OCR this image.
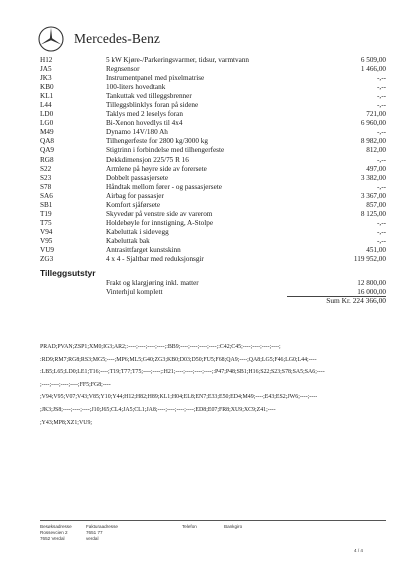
Mercedes-Benz
H12	5 kW Kjøre-/Parkeringsvarmer, tidsur, varmtvann	6 509,00
JA5	Regnsensor	1 466,00
JK3	Instrumentpanel med pixelmatrise	-,--
KB0	100-liters hovedtank	-,--
KL1	Tankuttak ved tilleggsbrenner	-,--
L44	Tilleggsblinklys foran på sidene	-,--
LD0	Taklys med 2 leselys foran	721,00
LG0	Bi-Xenon hovedlys til 4x4	6 960,00
M49	Dynamo 14V/180 Ah	-,--
QA8	Tilhengerfeste for 2800 kg/3000 kg	8 982,00
QA9	Stigtrinn i forbindelse med tilhengerfeste	812,00
RG8	Dekkdimensjon 225/75 R 16	-,--
S22	Armlene på høyre side av forersete	497,00
S23	Dobbelt passasjersete	3 382,00
S78	Håndtak mellom fører - og passasjersete	-,--
SA6	Airbag for passasjer	3 367,00
SB1	Komfort sjåførsete	857,00
T19	Skyvedør på venstre side av varerom	8 125,00
T75	Holdebøyle for innstigning, A-Stolpe	-,--
V94	Kabeluttak i sidevegg	-,--
V95	Kabeluttak bak	-,--
VU9	Antrasittfarget kunstskinn	451,00
ZG3	4 x 4 - Sjaltbar med reduksjonsgir	119 952,00
Tilleggsutstyr
Frakt og klargjøring inkl. matter	12 800,00
Vinterhjul komplett	16 000,00
Sum Kr. 224 366,00
PRAD;PVAN;ZSP1;XM0;IG3;AR2;:----;----;----;----;:BB9;----;----;----;----;:C42;C45;----;----;----;----;
:RD9;RM7;RG8;RS3;MG5;----;MP6;ML5;G40;ZG3;KB0;D03;D50;FU5;F68;QA9;----;QA8;LG5;F46;LG0;L44;----
:LB5;L65;LD0;LE1;T16;----;T19;T77;T75;----;----;:H21;----;----;----;----;:P47;P48;SB1;H16;S22;S23;S78;SA5;SA6;----
;----;----;----;----;FF5;FG8;----
;V94;V95;V07;V43;V85;Y10;Y44;H12;H82;H89;KL1;H04;EL8;EN7;E33;E50;ED4;M49;----;E43;ES2;JW6;----;----
;JK3;JS8;----;----;----;J10;J65;CL4;JA5;CL1;JA8;----;----;----;----;ED8;E07;FR8;XU9;XC9;Z41;----
;Y43;MP8;XZ1;VU9;
Besøksadresse
Rossevcien 2
7652 Verdal
Fakturaadresse
7651 77
verdal
Telefon	Bankgiro
4 / 4
